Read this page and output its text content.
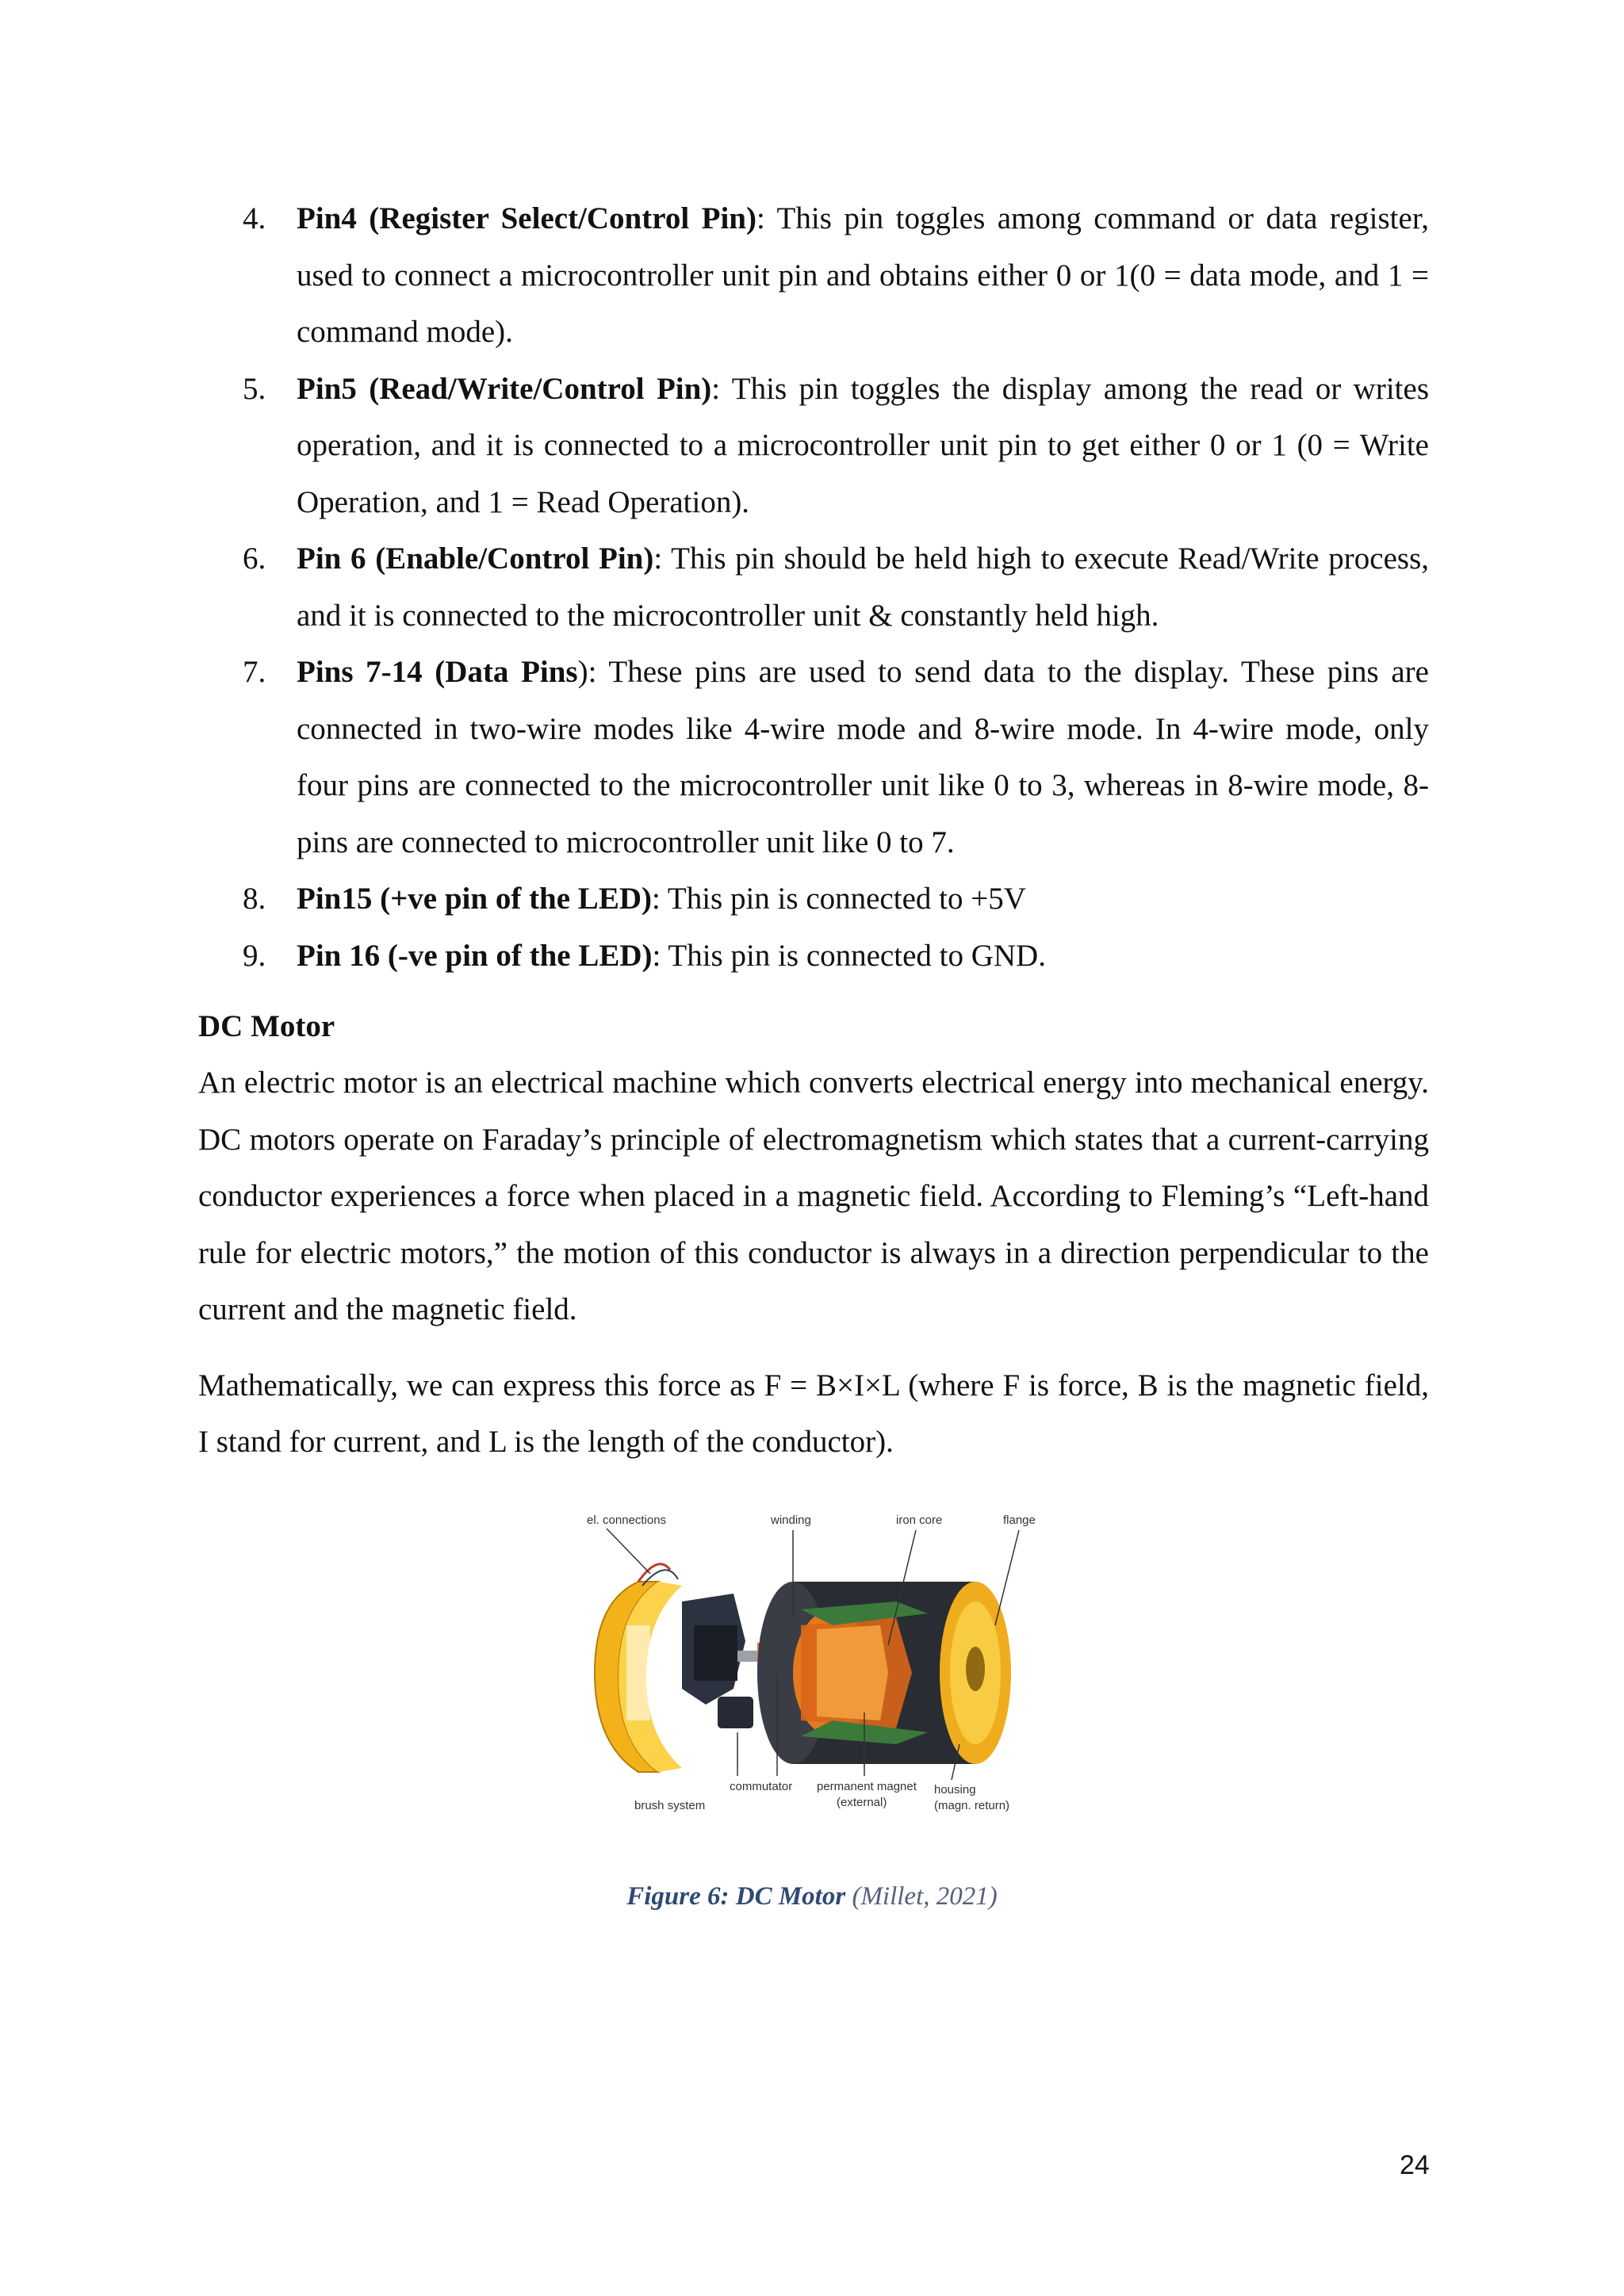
4. Pin4 (Register Select/Control Pin): This pin toggles among command or data register, used to connect a microcontroller unit pin and obtains either 0 or 1(0 = data mode, and 1 = command mode).
5. Pin5 (Read/Write/Control Pin): This pin toggles the display among the read or writes operation, and it is connected to a microcontroller unit pin to get either 0 or 1 (0 = Write Operation, and 1 = Read Operation).
6. Pin 6 (Enable/Control Pin): This pin should be held high to execute Read/Write process, and it is connected to the microcontroller unit & constantly held high.
7. Pins 7-14 (Data Pins): These pins are used to send data to the display. These pins are connected in two-wire modes like 4-wire mode and 8-wire mode. In 4-wire mode, only four pins are connected to the microcontroller unit like 0 to 3, whereas in 8-wire mode, 8-pins are connected to microcontroller unit like 0 to 7.
8. Pin15 (+ve pin of the LED): This pin is connected to +5V
9. Pin 16 (-ve pin of the LED): This pin is connected to GND.
DC Motor

An electric motor is an electrical machine which converts electrical energy into mechanical energy. DC motors operate on Faraday’s principle of electromagnetism which states that a current-carrying conductor experiences a force when placed in a magnetic field. According to Fleming’s “Left-hand rule for electric motors,” the motion of this conductor is always in a direction perpendicular to the current and the magnetic field.

Mathematically, we can express this force as F = B×I×L (where F is force, B is the magnetic field, I stand for current, and L is the length of the conductor).

el. connections	winding	iron core	flange
commutator permanent magnet
(external)
housing
(magn. return)
brush system
Figure 6: DC Motor (Millet, 2021)
24
